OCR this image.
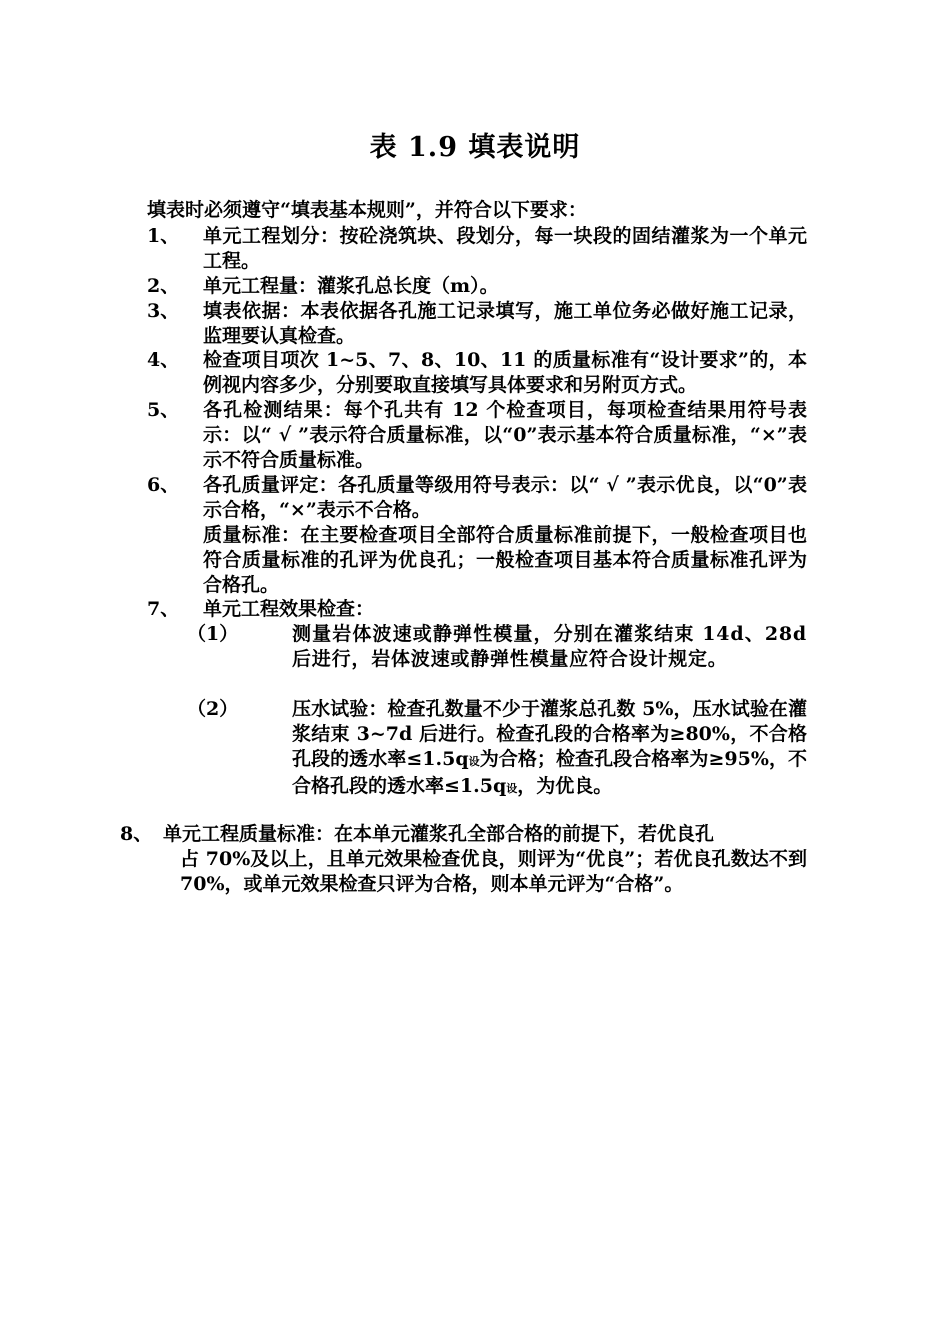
表 1.9 填表说明
填表时必须遵守“填表基本规则”，并符合以下要求：
1、	单元工程划分：按砼浇筑块、段划分，每一块段的固结灌浆为一个单元工程。
2、	单元工程量：灌浆孔总长度（m）。
3、	填表依据：本表依据各孔施工记录填写，施工单位务必做好施工记录，监理要认真检查。
4、	检查项目项次 1~5、7、8、10、11 的质量标准有“设计要求”的，本例视内容多少，分别要取直接填写具体要求和另附页方式。
5、	各孔检测结果：每个孔共有 12 个检查项目，每项检查结果用符号表示：以“ √ ”表示符合质量标准，以“0”表示基本符合质量标准，“×”表示不符合质量标准。
6、	各孔质量评定：各孔质量等级用符号表示：以“ √ ”表示优良，以“0”表示合格，“×”表示不合格。
质量标准：在主要检查项目全部符合质量标准前提下，一般检查项目也符合质量标准的孔评为优良孔；一般检查项目基本符合质量标准孔评为合格孔。
7、	单元工程效果检查：
（1）	测量岩体波速或静弹性模量，分别在灌浆结束 14d、28d 后进行，岩体波速或静弹性模量应符合设计规定。
（2）	压水试验：检查孔数量不少于灌浆总孔数 5%，压水试验在灌浆结束 3~7d 后进行。检查孔段的合格率为≥80%，不合格孔段的透水率≤1.5q设为合格；检查孔段合格率为≥95%，不合格孔段的透水率≤1.5q设，为优良。
8、 单元工程质量标准：在本单元灌浆孔全部合格的前提下，若优良孔
占 70%及以上，且单元效果检查优良，则评为“优良”；若优良孔数达不到 70%，或单元效果检查只评为合格，则本单元评为“合格”。
